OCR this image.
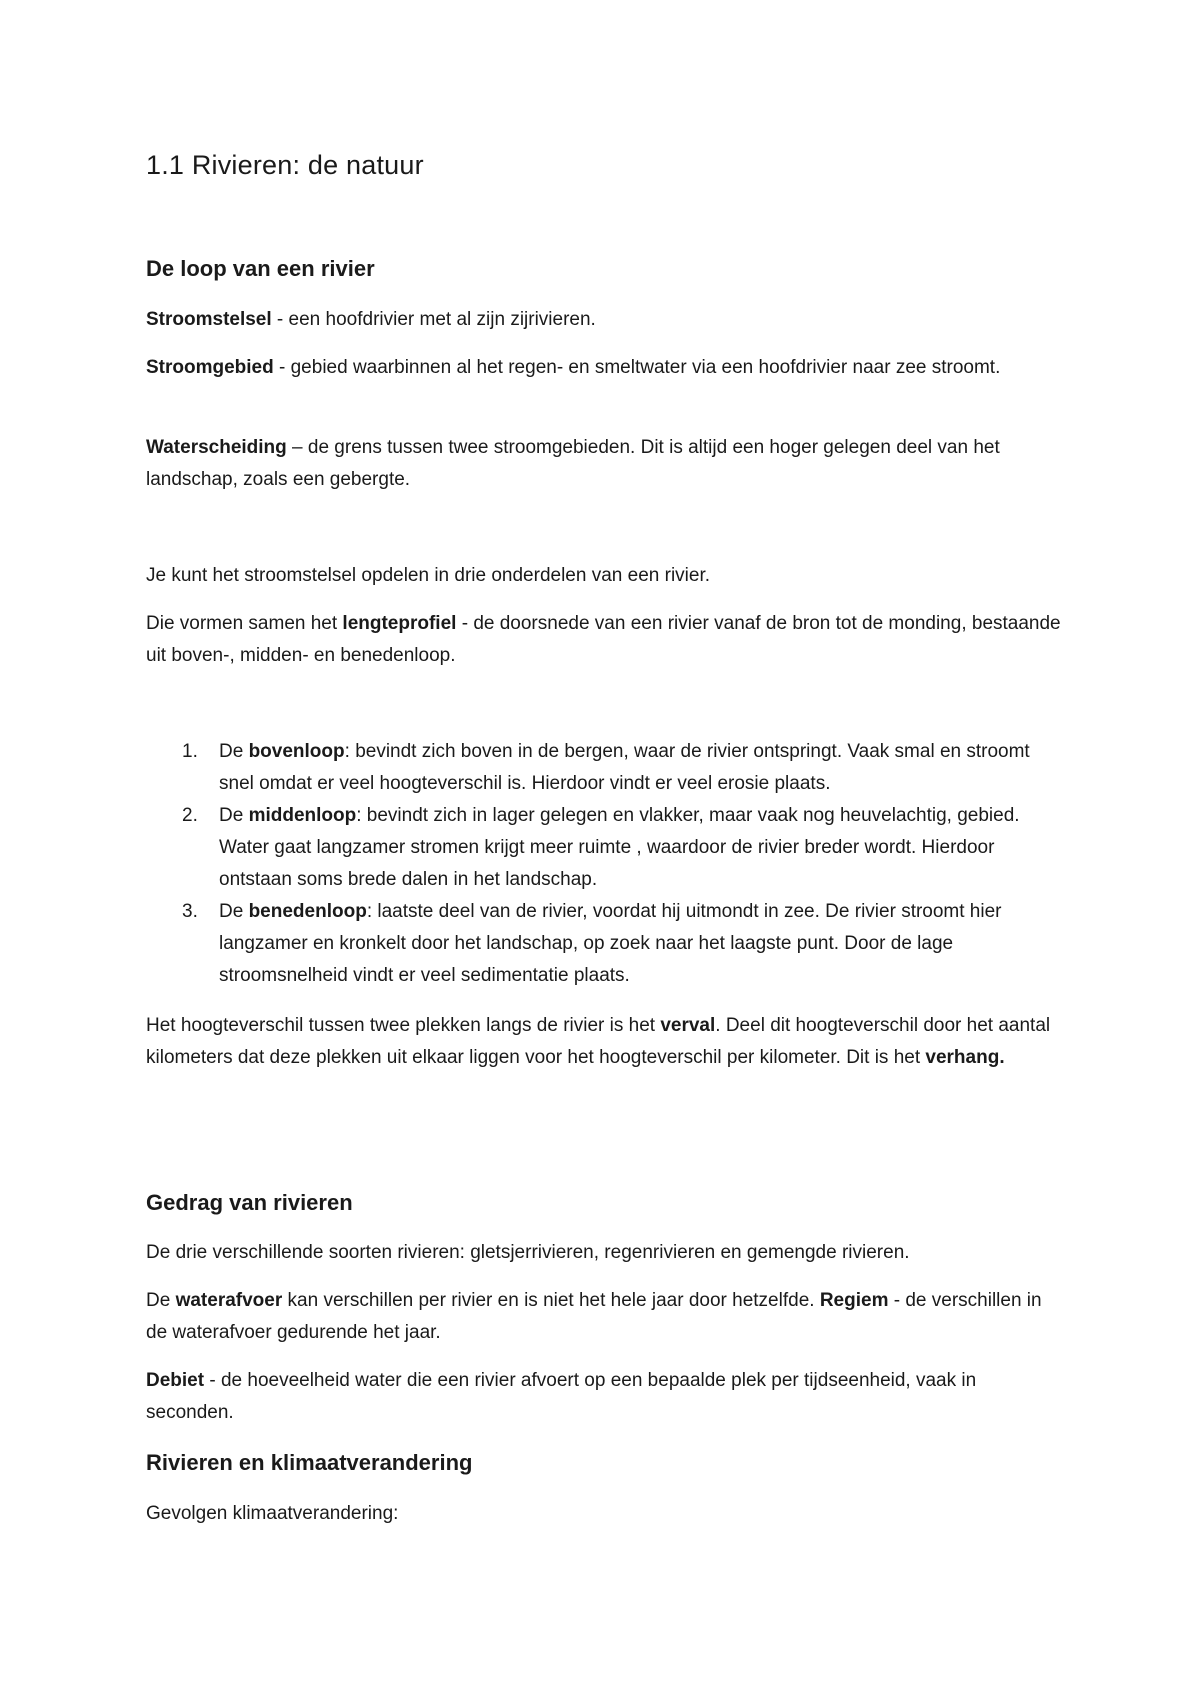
1.1 Rivieren: de natuur
De loop van een rivier

Stroomstelsel - een hoofdrivier met al zijn zijrivieren.

Stroomgebied - gebied waarbinnen al het regen- en smeltwater via een hoofdrivier naar zee stroomt.

Waterscheiding – de grens tussen twee stroomgebieden. Dit is altijd een hoger gelegen deel van het landschap, zoals een gebergte.

Je kunt het stroomstelsel opdelen in drie onderdelen van een rivier.

Die vormen samen het lengteprofiel - de doorsnede van een rivier vanaf de bron tot de monding, bestaande uit boven-, midden- en benedenloop.

1. De bovenloop: bevindt zich boven in de bergen, waar de rivier ontspringt. Vaak smal en stroomt snel omdat er veel hoogteverschil is. Hierdoor vindt er veel erosie plaats.
2. De middenloop: bevindt zich in lager gelegen en vlakker, maar vaak nog heuvelachtig, gebied. Water gaat langzamer stromen krijgt meer ruimte , waardoor de rivier breder wordt. Hierdoor ontstaan soms brede dalen in het landschap.
3. De benedenloop: laatste deel van de rivier, voordat hij uitmondt in zee. De rivier stroomt hier langzamer en kronkelt door het landschap, op zoek naar het laagste punt. Door de lage stroomsnelheid vindt er veel sedimentatie plaats.

Het hoogteverschil tussen twee plekken langs de rivier is het verval. Deel dit hoogteverschil door het aantal kilometers dat deze plekken uit elkaar liggen voor het hoogteverschil per kilometer. Dit is het verhang.

Gedrag van rivieren

De drie verschillende soorten rivieren: gletsjerrivieren, regenrivieren en gemengde rivieren.

De waterafvoer kan verschillen per rivier en is niet het hele jaar door hetzelfde. Regiem - de verschillen in de waterafvoer gedurende het jaar.

Debiet - de hoeveelheid water die een rivier afvoert op een bepaalde plek per tijdseenheid, vaak in seconden.

Rivieren en klimaatverandering

Gevolgen klimaatverandering:
